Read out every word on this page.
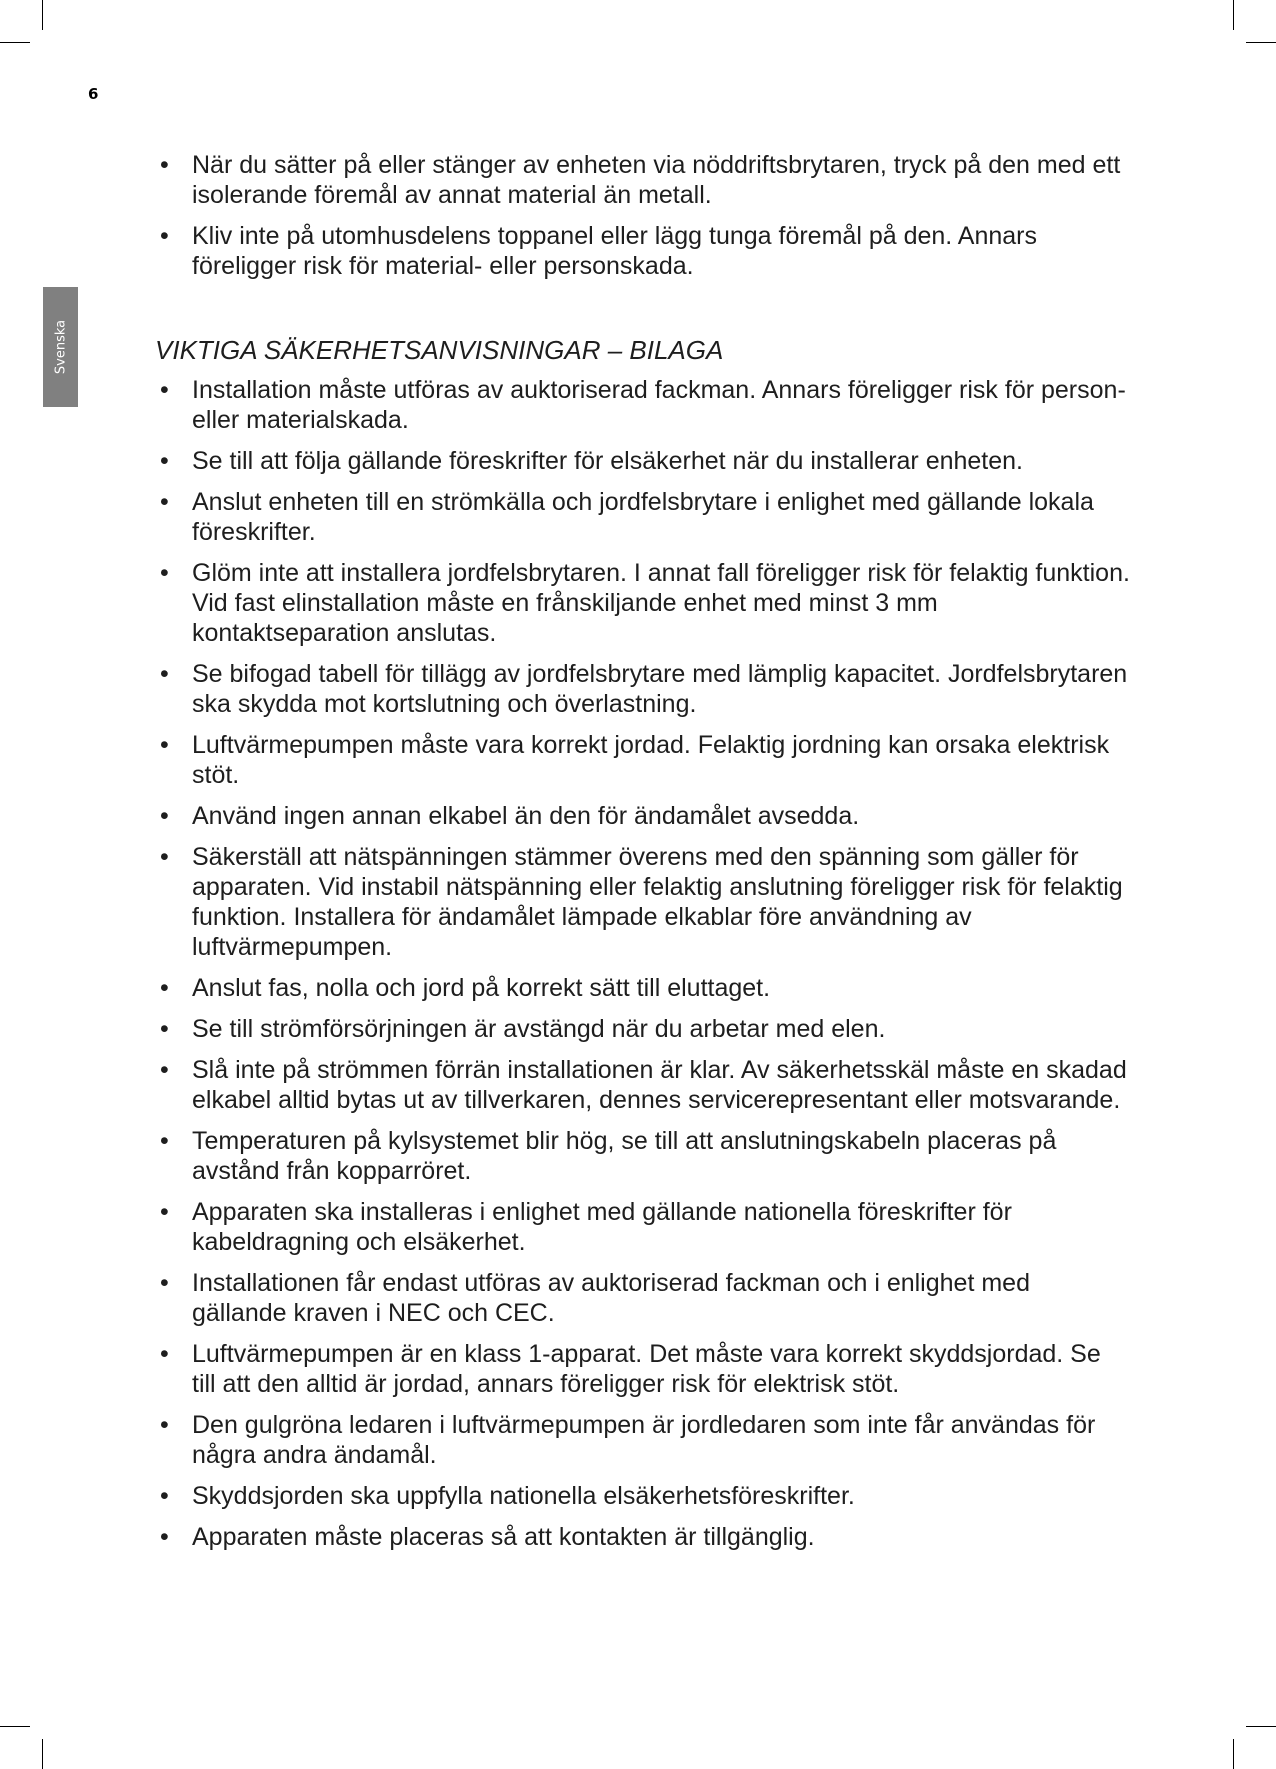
6
Svenska
• När du sätter på eller stänger av enheten via nöddriftsbrytaren, tryck på den med ett isolerande föremål av annat material än metall.
• Kliv inte på utomhusdelens toppanel eller lägg tunga föremål på den. Annars föreligger risk för material- eller personskada.
VIKTIGA SÄKERHETSANVISNINGAR – BILAGA
• Installation måste utföras av auktoriserad fackman. Annars föreligger risk för person- eller materialskada.
• Se till att följa gällande föreskrifter för elsäkerhet när du installerar enheten.
• Anslut enheten till en strömkälla och jordfelsbrytare i enlighet med gällande lokala föreskrifter.
• Glöm inte att installera jordfelsbrytaren. I annat fall föreligger risk för felaktig funktion. Vid fast elinstallation måste en frånskiljande enhet med minst 3 mm kontaktseparation anslutas.
• Se bifogad tabell för tillägg av jordfelsbrytare med lämplig kapacitet. Jordfelsbrytaren ska skydda mot kortslutning och överlastning.
• Luftvärmepumpen måste vara korrekt jordad. Felaktig jordning kan orsaka elektrisk stöt.
• Använd ingen annan elkabel än den för ändamålet avsedda.
• Säkerställ att nätspänningen stämmer överens med den spänning som gäller för apparaten. Vid instabil nätspänning eller felaktig anslutning föreligger risk för felaktig funktion. Installera för ändamålet lämpade elkablar före användning av luftvärmepumpen.
• Anslut fas, nolla och jord på korrekt sätt till eluttaget.
• Se till strömförsörjningen är avstängd när du arbetar med elen.
• Slå inte på strömmen förrän installationen är klar. Av säkerhetsskäl måste en skadad elkabel alltid bytas ut av tillverkaren, dennes servicerepresentant eller motsvarande.
• Temperaturen på kylsystemet blir hög, se till att anslutningskabeln placeras på avstånd från kopparröret.
• Apparaten ska installeras i enlighet med gällande nationella föreskrifter för kabeldragning och elsäkerhet.
• Installationen får endast utföras av auktoriserad fackman och i enlighet med gällande kraven i NEC och CEC.
• Luftvärmepumpen är en klass 1-apparat. Det måste vara korrekt skyddsjordad. Se till att den alltid är jordad, annars föreligger risk för elektrisk stöt.
• Den gulgröna ledaren i luftvärmepumpen är jordledaren som inte får användas för några andra ändamål.
• Skyddsjorden ska uppfylla nationella elsäkerhetsföreskrifter.
• Apparaten måste placeras så att kontakten är tillgänglig.
